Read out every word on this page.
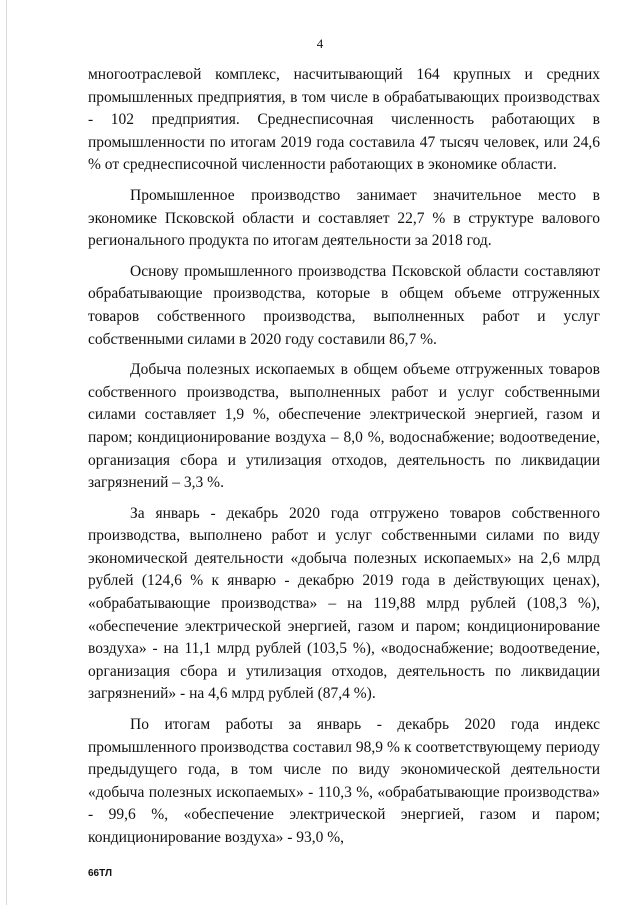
4

многоотраслевой комплекс, насчитывающий 164 крупных и средних промышленных предприятия, в том числе в обрабатывающих производствах - 102 предприятия. Среднесписочная численность работающих в промышленности по итогам 2019 года составила 47 тысяч человек, или 24,6 % от среднесписочной численности работающих в экономике области.

Промышленное производство занимает значительное место в экономике Псковской области и составляет 22,7 % в структуре валового регионального продукта по итогам деятельности за 2018 год.

Основу промышленного производства Псковской области составляют обрабатывающие производства, которые в общем объеме отгруженных товаров собственного производства, выполненных работ и услуг собственными силами в 2020 году составили 86,7 %.

Добыча полезных ископаемых в общем объеме отгруженных товаров собственного производства, выполненных работ и услуг собственными силами составляет 1,9 %, обеспечение электрической энергией, газом и паром; кондиционирование воздуха – 8,0 %, водоснабжение; водоотведение, организация сбора и утилизация отходов, деятельность по ликвидации загрязнений – 3,3 %.

За январь - декабрь 2020 года отгружено товаров собственного производства, выполнено работ и услуг собственными силами по виду экономической деятельности «добыча полезных ископаемых» на 2,6 млрд рублей (124,6 % к январю - декабрю 2019 года в действующих ценах), «обрабатывающие производства» – на 119,88 млрд рублей (108,3 %), «обеспечение электрической энергией, газом и паром; кондиционирование воздуха» - на 11,1 млрд рублей (103,5 %), «водоснабжение; водоотведение, организация сбора и утилизация отходов, деятельность по ликвидации загрязнений» - на 4,6 млрд рублей (87,4 %).

По итогам работы за январь - декабрь 2020 года индекс промышленного производства составил 98,9 % к соответствующему периоду предыдущего года, в том числе по виду экономической деятельности «добыча полезных ископаемых» - 110,3 %, «обрабатывающие производства» - 99,6 %, «обеспечение электрической энергией, газом и паром; кондиционирование воздуха» - 93,0 %,

66ТЛ
